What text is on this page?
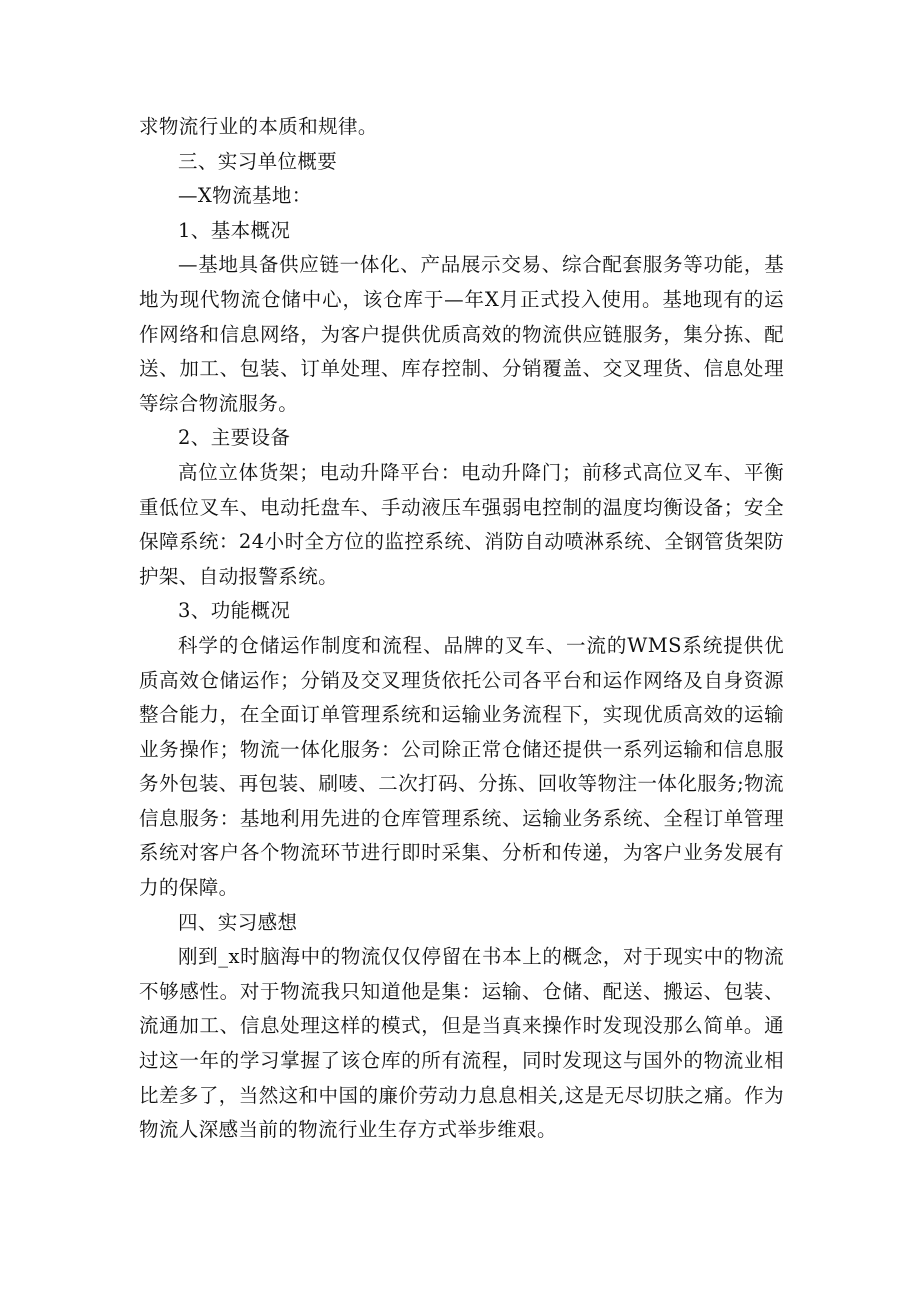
求物流行业的本质和规律。

三、实习单位概要

—X物流基地：

1、基本概况

—基地具备供应链一体化、产品展示交易、综合配套服务等功能，基地为现代物流仓储中心，该仓库于—年X月正式投入使用。基地现有的运作网络和信息网络，为客户提供优质高效的物流供应链服务，集分拣、配送、加工、包装、订单处理、库存控制、分销覆盖、交叉理货、信息处理等综合物流服务。

2、主要设备

高位立体货架；电动升降平台：电动升降门；前移式高位叉车、平衡重低位叉车、电动托盘车、手动液压车强弱电控制的温度均衡设备；安全保障系统：24小时全方位的监控系统、消防自动喷淋系统、全钢管货架防护架、自动报警系统。

3、功能概况

科学的仓储运作制度和流程、品牌的叉车、一流的WMS系统提供优质高效仓储运作；分销及交叉理货依托公司各平台和运作网络及自身资源整合能力，在全面订单管理系统和运输业务流程下，实现优质高效的运输业务操作；物流一体化服务：公司除正常仓储还提供一系列运输和信息服务外包装、再包装、刷唛、二次打码、分拣、回收等物注一体化服务;物流信息服务：基地利用先进的仓库管理系统、运输业务系统、全程订单管理系统对客户各个物流环节进行即时采集、分析和传递，为客户业务发展有力的保障。

四、实习感想

刚到_x时脑海中的物流仅仅停留在书本上的概念，对于现实中的物流不够感性。对于物流我只知道他是集：运输、仓储、配送、搬运、包装、流通加工、信息处理这样的模式，但是当真来操作时发现没那么简单。通过这一年的学习掌握了该仓库的所有流程，同时发现这与国外的物流业相比差多了，当然这和中国的廉价劳动力息息相关,这是无尽切肤之痛。作为物流人深感当前的物流行业生存方式举步维艰。
